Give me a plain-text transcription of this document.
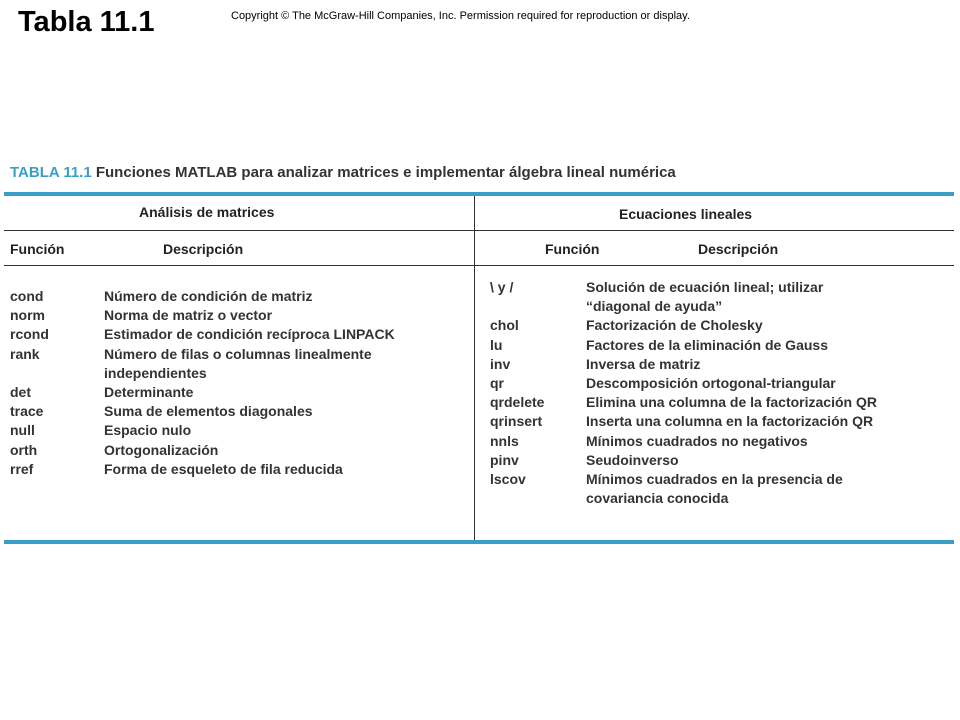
Tabla 11.1	Copyright © The McGraw-Hill Companies, Inc. Permission required for reproduction or display.
TABLA 11.1 Funciones MATLAB para analizar matrices e implementar álgebra lineal numérica
Análisis de matrices	Ecuaciones lineales
Función	Descripción	Función	Descripción
cond	Número de condición de matriz
norm	Norma de matriz o vector
rcond	Estimador de condición recíproca LINPACK
rank	Número de filas o columnas linealmente independientes
det	Determinante
trace	Suma de elementos diagonales
null	Espacio nulo
orth	Ortogonalización
rref	Forma de esqueleto de fila reducida
\ y /	Solución de ecuación lineal; utilizar “diagonal de ayuda”
chol	Factorización de Cholesky
lu	Factores de la eliminación de Gauss
inv	Inversa de matriz
qr	Descomposición ortogonal-triangular
qrdelete	Elimina una columna de la factorización QR
qrinsert	Inserta una columna en la factorización QR
nnls	Mínimos cuadrados no negativos
pinv	Seudoinverso
lscov	Mínimos cuadrados en la presencia de covariancia conocida
